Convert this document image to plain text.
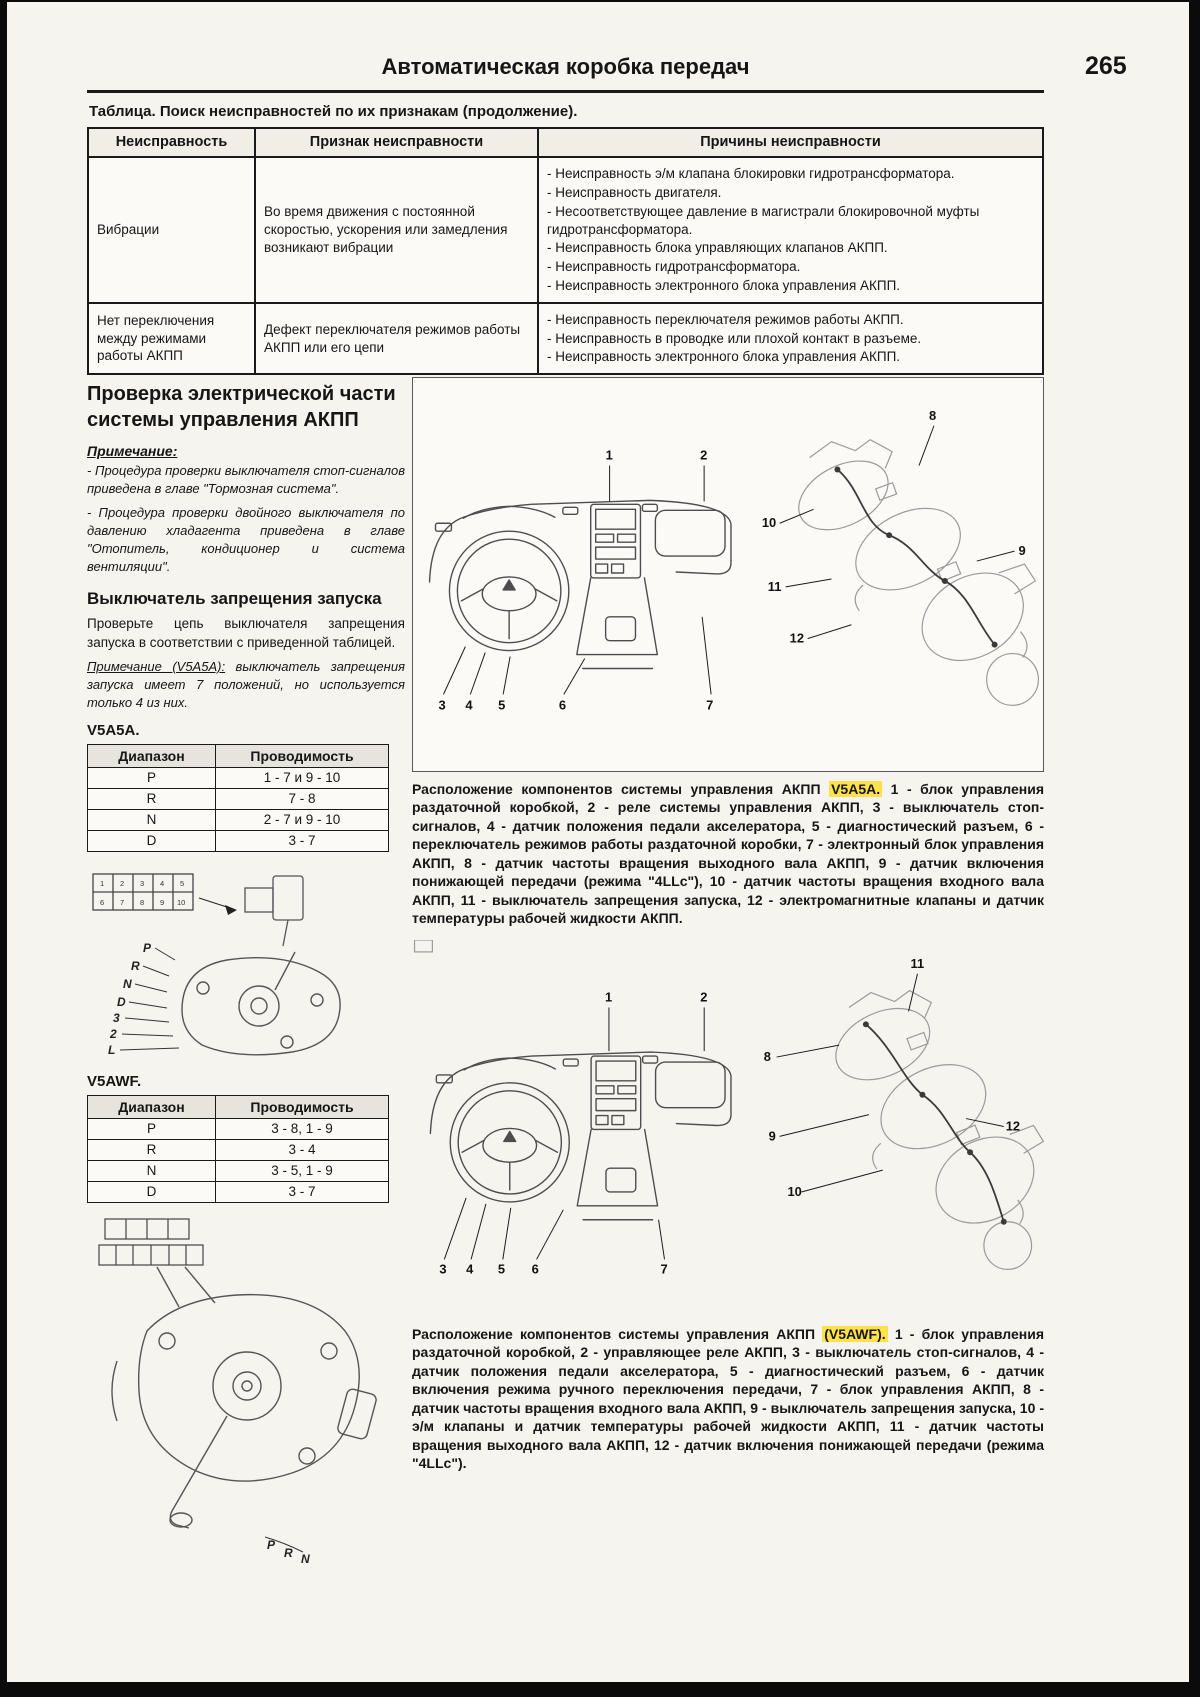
Автоматическая коробка передач	265
Таблица. Поиск неисправностей по их признакам (продолжение).
Неисправность	Признак неисправности	Причины неисправности
Вибрации	Во время движения с постоянной скоростью, ускорения или замедления возникают вибрации	
- Неисправность э/м клапана блокировки гидротрансформатора.
- Неисправность двигателя.
- Несоответствующее давление в магистрали блокировочной муфты гидротрансформатора.
- Неисправность блока управляющих клапанов АКПП.
- Неисправность гидротрансформатора.
- Неисправность электронного блока управления АКПП.

Нет переключения между режимами работы АКПП	Дефект переключателя режимов работы АКПП или его цепи	- Неисправность переключателя режимов работы АКПП.
- Неисправность в проводке или плохой контакт в разъеме.
- Неисправность электронного блока управления АКПП.
Проверка электрической части системы управления АКПП
Примечание:
- Процедура проверки выключателя стоп-сигналов приведена в главе "Тормозная система".
- Процедура проверки двойного выключателя по давлению хладагента приведена в главе "Отопитель, кондиционер и система вентиляции".
Выключатель запрещения запуска
Проверьте цепь выключателя запрещения запуска в соответствии с приведенной таблицей.
Примечание (V5A5A): выключатель запрещения запуска имеет 7 положений, но используется только 4 из них.
V5A5A.
Диапазон	Проводимость
P	1 - 7 и 9 - 10
R	7 - 8
N	2 - 7 и 9 - 10
D	3 - 7
1 2 3 4 5
6 7 8 9 10
P
R
N
D
3
2
L
V5AWF.
Диапазон	Проводимость
P	3 - 8, 1 - 9
R	3 - 4
N	3 - 5, 1 - 9
D	3 - 7
P
R N
1	2
3 4 5	6	7
8
9
10
11
12

Расположение компонентов системы управления АКПП V5A5A. 1 - блок управления раздаточной коробкой, 2 - реле системы управления АКПП, 3 - выключатель стоп-сигналов, 4 - датчик положения педали акселератора, 5 - диагностический разъем, 6 - переключатель режимов работы раздаточной коробки, 7 - электронный блок управления АКПП, 8 - датчик частоты вращения выходного вала АКПП, 9 - датчик включения понижающей передачи (режима "4LLc"), 10 - датчик частоты вращения входного вала АКПП, 11 - выключатель запрещения запуска, 12 - электромагнитные клапаны и датчик температуры рабочей жидкости АКПП.

1	2
3 4 5 6	7
8
9
10
11
12

Расположение компонентов системы управления АКПП (V5AWF). 1 - блок управления раздаточной коробкой, 2 - управляющее реле АКПП, 3 - выключатель стоп-сигналов, 4 - датчик положения педали акселератора, 5 - диагностический разъем, 6 - датчик включения режима ручного переключения передачи, 7 - блок управления АКПП, 8 - датчик частоты вращения входного вала АКПП, 9 - выключатель запрещения запуска, 10 - э/м клапаны и датчик температуры рабочей жидкости АКПП, 11 - датчик частоты вращения выходного вала АКПП, 12 - датчик включения понижающей передачи (режима "4LLc").
